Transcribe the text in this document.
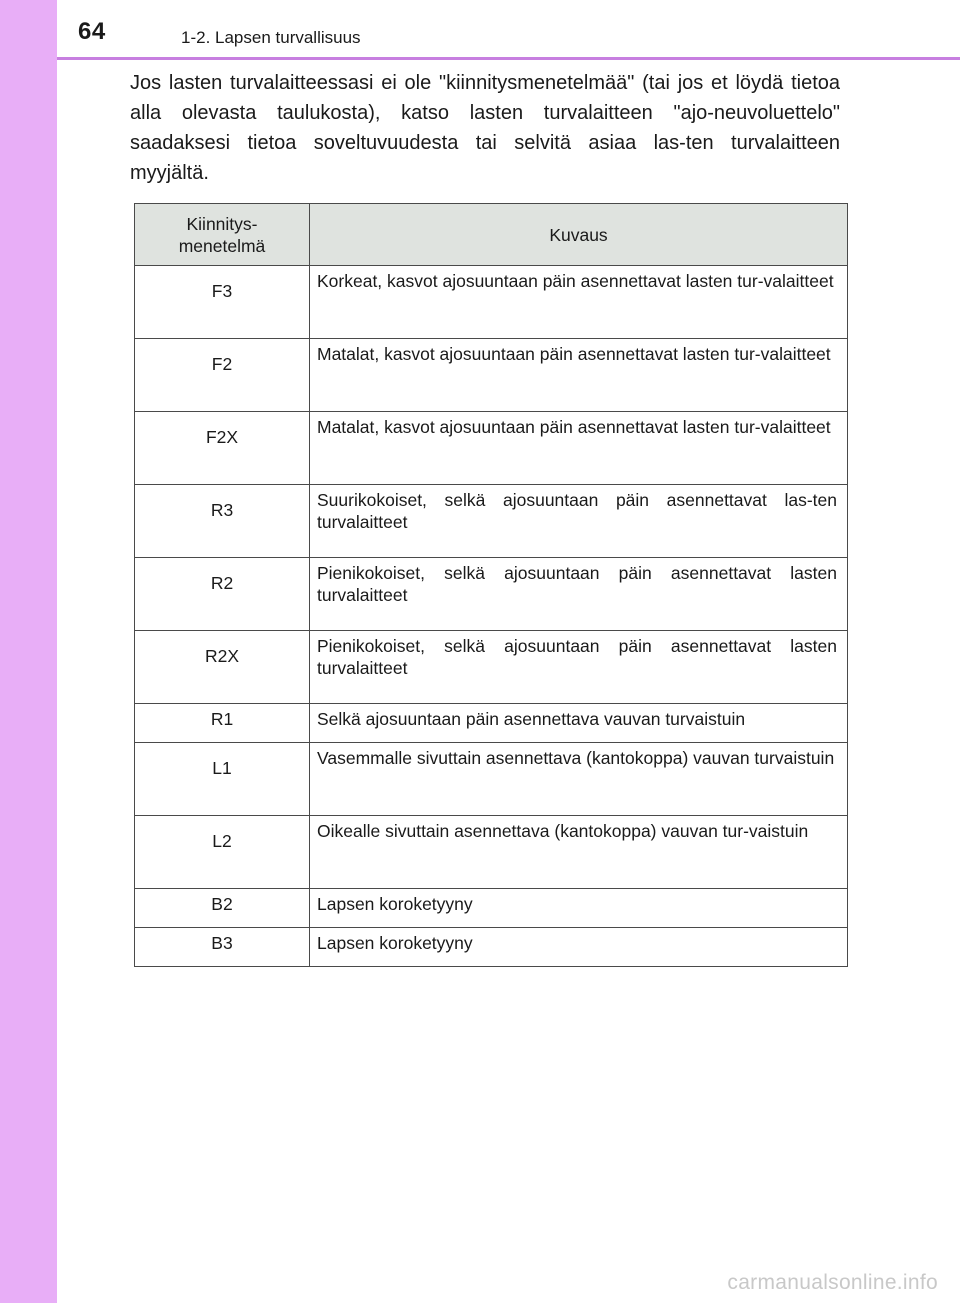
64	1-2. Lapsen turvallisuus

Jos lasten turvalaitteessasi ei ole "kiinnitysmenetelmää" (tai jos et löydä tietoa alla olevasta taulukosta), katso lasten turvalaitteen "ajo-neuvoluettelo" saadaksesi tietoa soveltuvuudesta tai selvitä asiaa las-ten turvalaitteen myyjältä.

Kiinnitys-
menetelmä	Kuvaus
F3	Korkeat, kasvot ajosuuntaan päin asennettavat lasten tur-valaitteet
F2	Matalat, kasvot ajosuuntaan päin asennettavat lasten tur-valaitteet
F2X	Matalat, kasvot ajosuuntaan päin asennettavat lasten tur-valaitteet
R3	Suurikokoiset, selkä ajosuuntaan päin asennettavat las-ten turvalaitteet
R2	Pienikokoiset, selkä ajosuuntaan päin asennettavat lasten turvalaitteet
R2X	Pienikokoiset, selkä ajosuuntaan päin asennettavat lasten turvalaitteet
R1	Selkä ajosuuntaan päin asennettava vauvan turvaistuin
L1	Vasemmalle sivuttain asennettava (kantokoppa) vauvan turvaistuin
L2	Oikealle sivuttain asennettava (kantokoppa) vauvan tur-vaistuin
B2	Lapsen koroketyyny
B3	Lapsen koroketyyny
carmanualsonline.info
